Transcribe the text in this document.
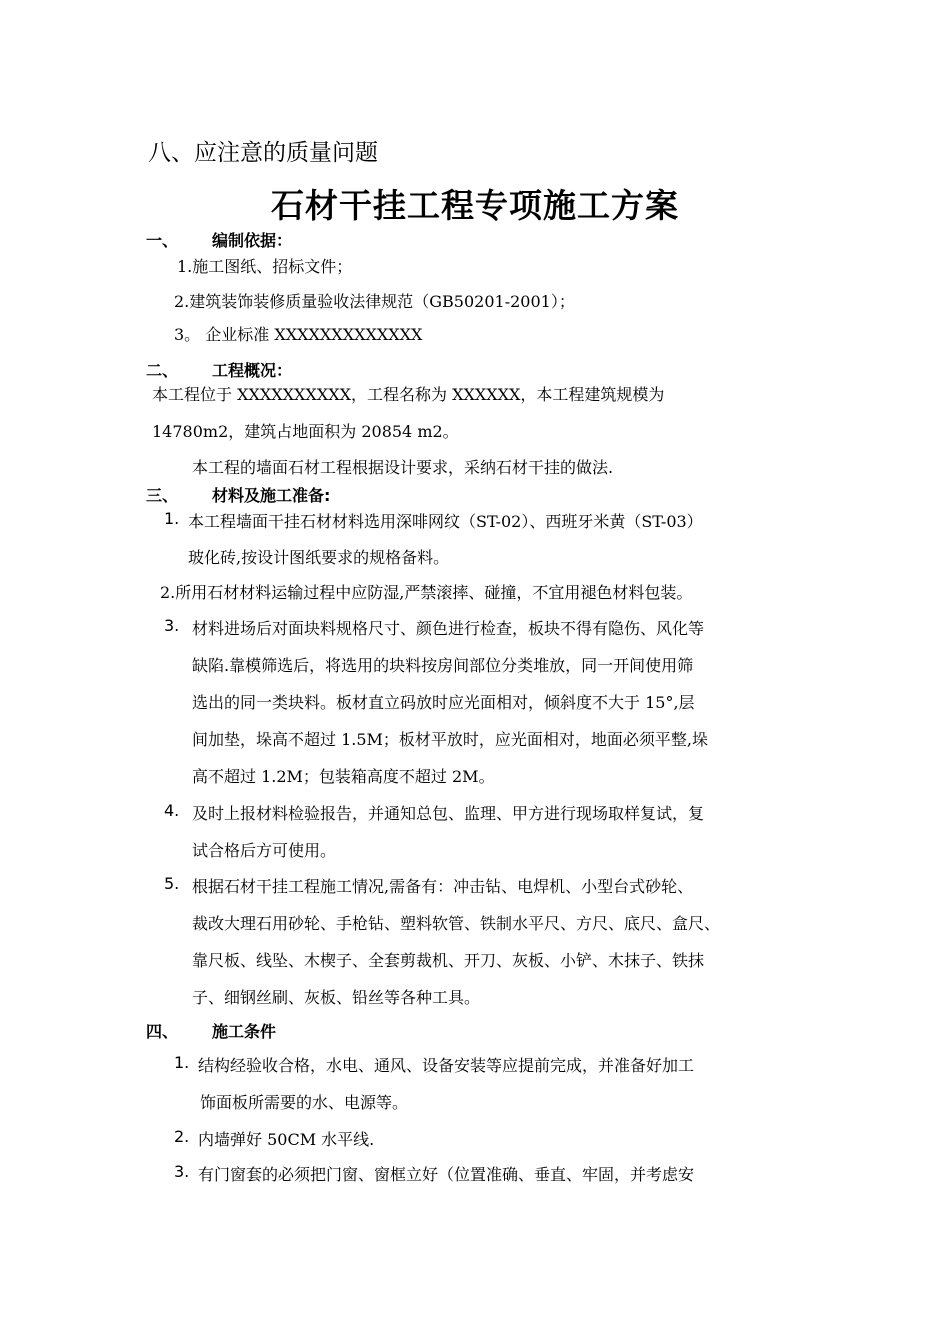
八、应注意的质量问题
石材干挂工程专项施工方案
一、 编制依据：
1.施工图纸、招标文件；
2.建筑装饰装修质量验收法律规范（GB50201-2001）；
3。 企业标准 XXXXXXXXXXXXX
二、 工程概况：
本工程位于 XXXXXXXXXX，工程名称为 XXXXXX，本工程建筑规模为
14780m2，建筑占地面积为 20854 m2。
本工程的墙面石材工程根据设计要求，采纳石材干挂的做法.
三、 材料及施工准备:
1. 本工程墙面干挂石材材料选用深啡网纹（ST-02）、西班牙米黄（ST-03）
玻化砖,按设计图纸要求的规格备料。
2.所用石材材料运输过程中应防湿,严禁滚摔、碰撞，不宜用褪色材料包装。
3. 材料进场后对面块料规格尺寸、颜色进行检查，板块不得有隐伤、风化等
缺陷.靠模筛选后，将选用的块料按房间部位分类堆放，同一开间使用筛
选出的同一类块料。板材直立码放时应光面相对，倾斜度不大于 15°,层
间加垫，垛高不超过 1.5M；板材平放时，应光面相对，地面必须平整,垛
高不超过 1.2M；包装箱高度不超过 2M。
4. 及时上报材料检验报告，并通知总包、监理、甲方进行现场取样复试，复
试合格后方可使用。
5. 根据石材干挂工程施工情况,需备有：冲击钻、电焊机、小型台式砂轮、
裁改大理石用砂轮、手枪钻、塑料软管、铁制水平尺、方尺、底尺、盒尺、
靠尺板、线坠、木楔子、全套剪裁机、开刀、灰板、小铲、木抹子、铁抹
子、细钢丝刷、灰板、铅丝等各种工具。
四、 施工条件
1. 结构经验收合格，水电、通风、设备安装等应提前完成，并准备好加工
饰面板所需要的水、电源等。
2. 内墙弹好 50CM 水平线.
3. 有门窗套的必须把门窗、窗框立好（位置准确、垂直、牢固，并考虑安
